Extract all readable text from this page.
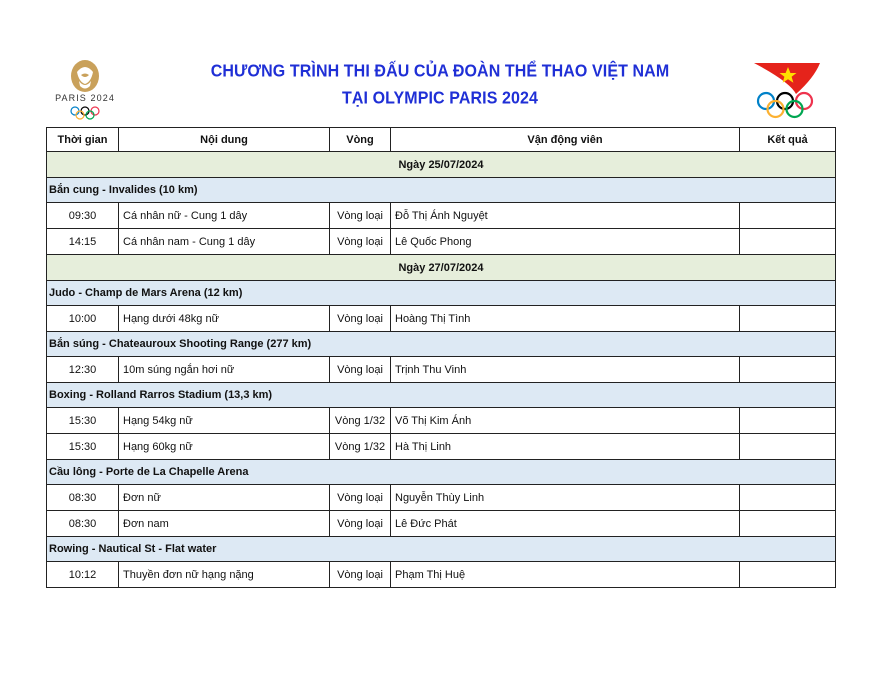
PARIS 2024
CHƯƠNG TRÌNH THI ĐẤU CỦA ĐOÀN THỂ THAO VIỆT NAM
TẠI OLYMPIC PARIS 2024
Thời gian	Nội dung	Vòng	Vận động viên	Kết quả
Ngày 25/07/2024				
Bắn cung - Invalides (10 km)				
09:30	Cá nhân nữ - Cung 1 dây	Vòng loại	Đỗ Thị Ánh Nguyệt	
14:15	Cá nhân nam - Cung 1 dây	Vòng loại	Lê Quốc Phong	
Ngày 27/07/2024				
Judo - Champ de Mars Arena (12 km)				
10:00	Hạng dưới 48kg nữ	Vòng loại	Hoàng Thị Tình	
Bắn súng - Chateauroux Shooting Range (277 km)				
12:30	10m súng ngắn hơi nữ	Vòng loại	Trịnh Thu Vinh	
Boxing - Rolland Rarros Stadium (13,3 km)				
15:30	Hạng 54kg nữ	Vòng 1/32	Võ Thị Kim Ánh	
15:30	Hạng 60kg nữ	Vòng 1/32	Hà Thị Linh	
Cầu lông - Porte de La Chapelle Arena				
08:30	Đơn nữ	Vòng loại	Nguyễn Thùy Linh	
08:30	Đơn nam	Vòng loại	Lê Đức Phát	
Rowing - Nautical St - Flat water				
10:12	Thuyền đơn nữ hạng nặng	Vòng loại	Phạm Thị Huệ	
